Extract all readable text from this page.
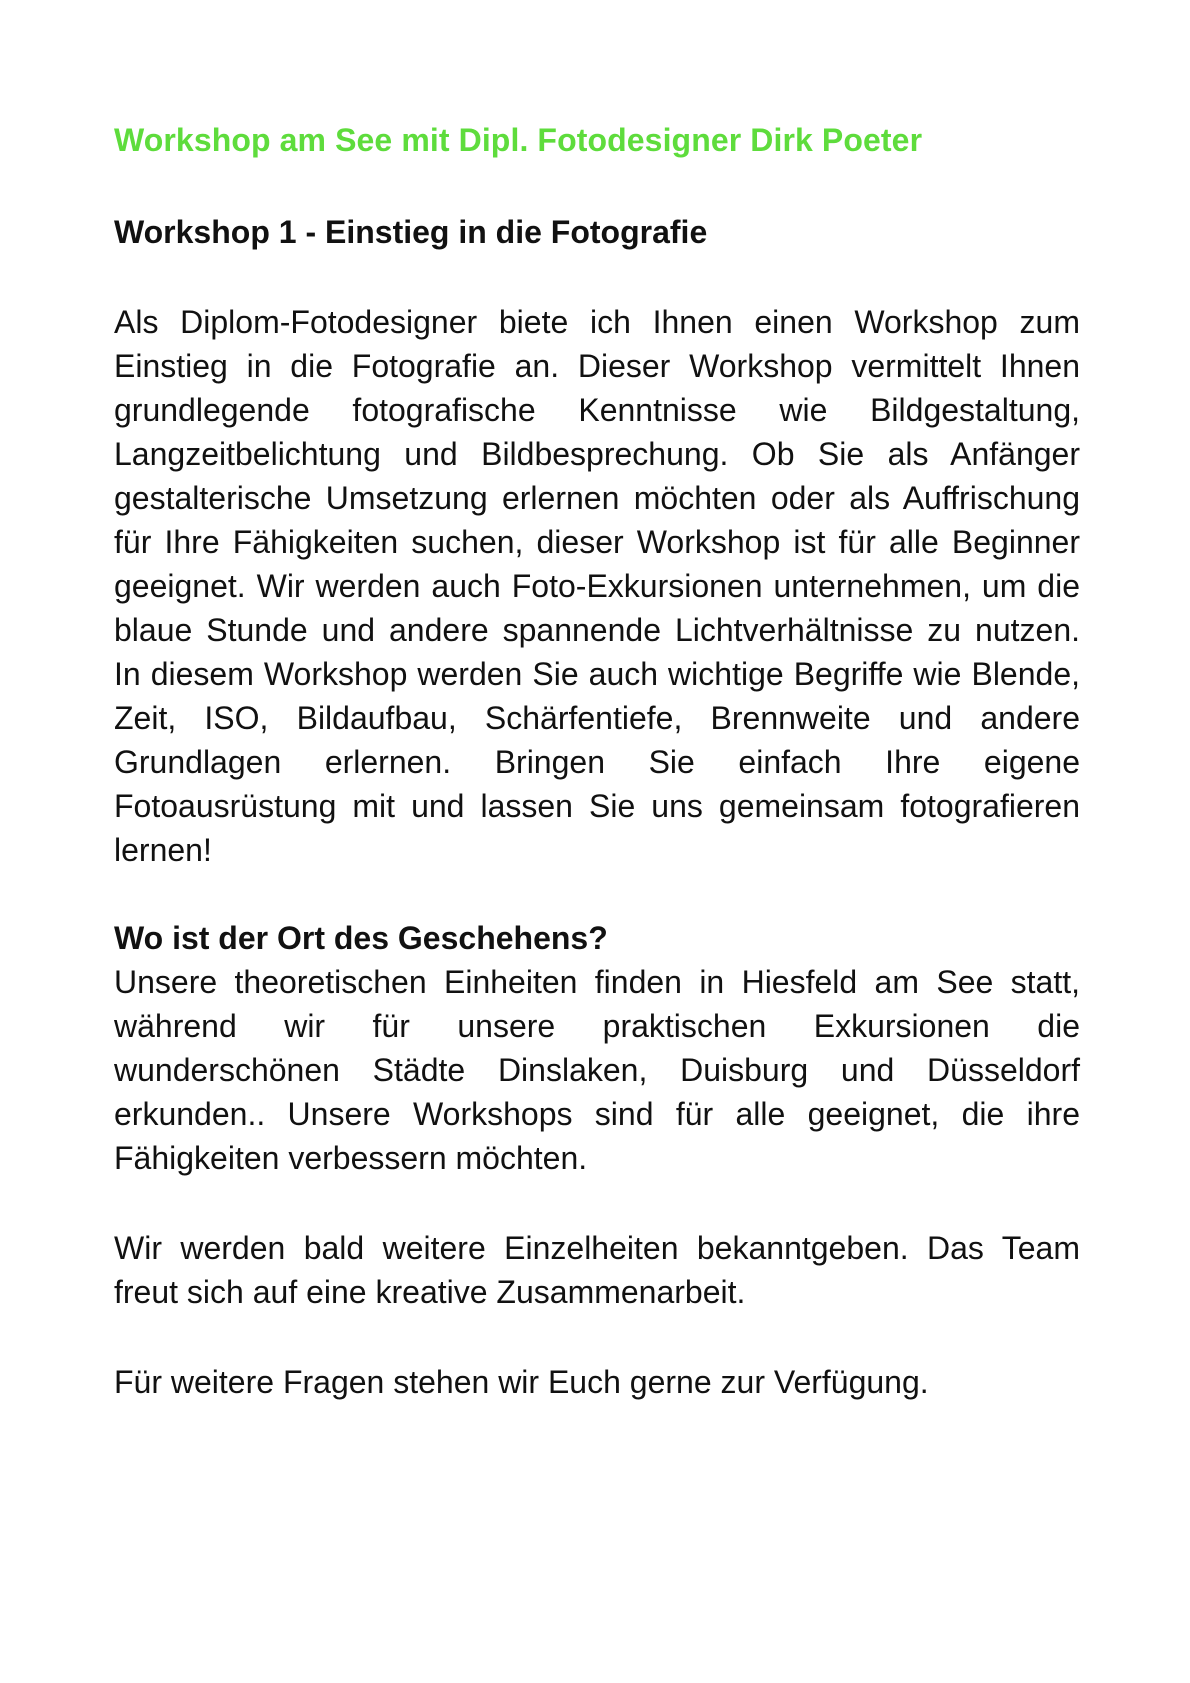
Workshop am See mit Dipl. Fotodesigner Dirk Poeter
Workshop 1 - Einstieg in die Fotografie

Als Diplom-Fotodesigner biete ich Ihnen einen Workshop zum Einstieg in die Fotografie an. Dieser Workshop vermittelt Ihnen grundlegende fotografische Kenntnisse wie Bildgestaltung, Langzeitbelichtung und Bildbesprechung. Ob Sie als Anfänger gestalterische Umsetzung erlernen möchten oder als Auffrischung für Ihre Fähigkeiten suchen, dieser Workshop ist für alle Beginner geeignet. Wir werden auch Foto-Exkursionen unternehmen, um die blaue Stunde und andere spannende Lichtverhältnisse zu nutzen. In diesem Workshop werden Sie auch wichtige Begriffe wie Blende, Zeit, ISO, Bildaufbau, Schärfentiefe, Brennweite und andere Grundlagen erlernen. Bringen Sie einfach Ihre eigene Fotoausrüstung mit und lassen Sie uns gemeinsam fotografieren lernen!

Wo ist der Ort des Geschehens?

Unsere theoretischen Einheiten finden in Hiesfeld am See statt, während wir für unsere praktischen Exkursionen die wunderschönen Städte Dinslaken, Duisburg und Düsseldorf erkunden.. Unsere Workshops sind für alle geeignet, die ihre Fähigkeiten verbessern möchten.

Wir werden bald weitere Einzelheiten bekanntgeben. Das Team freut sich auf eine kreative Zusammenarbeit.

Für weitere Fragen stehen wir Euch gerne zur Verfügung.
